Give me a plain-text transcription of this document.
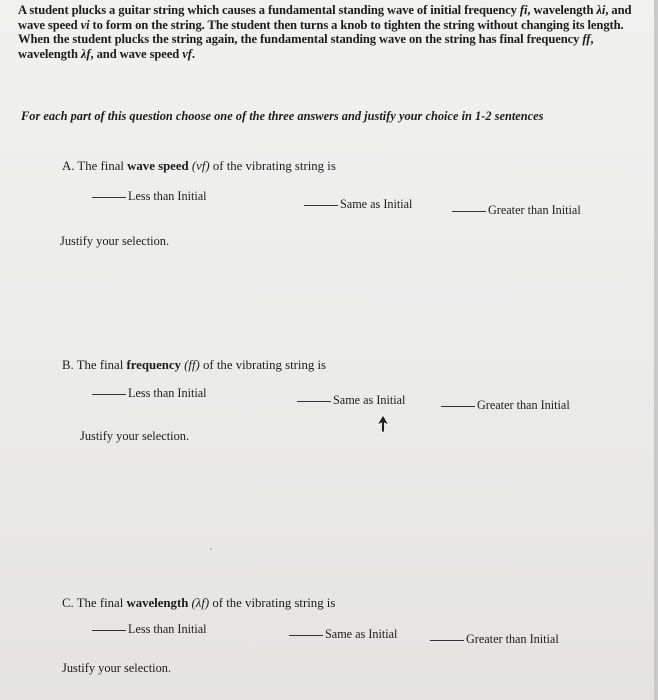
A student plucks a guitar string which causes a fundamental standing wave of initial frequency fi, wavelength λi, and wave speed vi to form on the string. The student then turns a knob to tighten the string without changing its length. When the student plucks the string again, the fundamental standing wave on the string has final frequency ff, wavelength λf, and wave speed vf.
For each part of this question choose one of the three answers and justify your choice in 1-2 sentences
A. The final wave speed (vf) of the vibrating string is
Less than Initial
Same as Initial	Greater than Initial
Justify your selection.
B. The final frequency (ff) of the vibrating string is
Less than Initial	Same as Initial	Greater than Initial
Justify your selection.
C. The final wavelength (λf) of the vibrating string is
Less than Initial	Same as Initial	Greater than Initial
Justify your selection.
